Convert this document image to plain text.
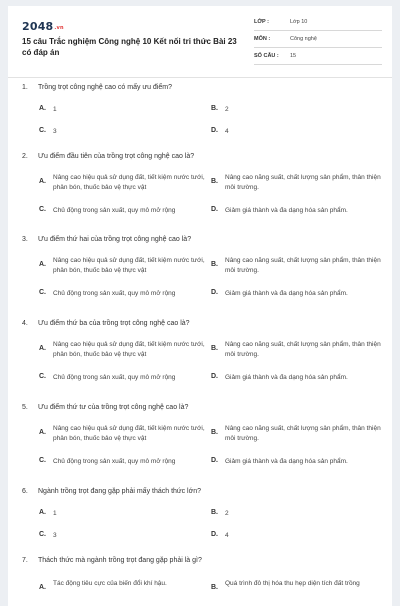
2048.vn
15 câu Trắc nghiệm Công nghệ 10 Kết nối tri thức Bài 23 có đáp án
LỚP :	Lớp 10
MÔN :	Công nghệ
SỐ CÂU : 15
1. Trồng trọt công nghệ cao có mấy ưu điểm?
A. 1	B. 2
C. 3	D. 4
2. Ưu điểm đầu tiên của trồng trọt công nghệ cao là?
A.
Nâng cao hiệu quả sử dụng đất, tiết kiệm nước tưới, phân bón, thuốc bảo vệ thực vật
B.
Nâng cao năng suất, chất lượng sản phẩm, thân thiện môi trường.
C. Chủ động trong sản xuất, quy mô mở rộng	D. Giảm giá thành và đa dạng hóa sản phẩm.
3. Ưu điểm thứ hai của trồng trọt công nghệ cao là?
A.
Nâng cao hiệu quả sử dụng đất, tiết kiệm nước tưới, phân bón, thuốc bảo vệ thực vật
B.
Nâng cao năng suất, chất lượng sản phẩm, thân thiện môi trường.
C. Chủ động trong sản xuất, quy mô mở rộng	D. Giảm giá thành và đa dạng hóa sản phẩm.
4. Ưu điểm thứ ba của trồng trọt công nghệ cao là?
A.
Nâng cao hiệu quả sử dụng đất, tiết kiệm nước tưới, phân bón, thuốc bảo vệ thực vật
B.
Nâng cao năng suất, chất lượng sản phẩm, thân thiện môi trường.
C. Chủ động trong sản xuất, quy mô mở rộng	D. Giảm giá thành và đa dạng hóa sản phẩm.
5. Ưu điểm thứ tư của trồng trọt công nghệ cao là?
A.
Nâng cao hiệu quả sử dụng đất, tiết kiệm nước tưới, phân bón, thuốc bảo vệ thực vật
B.
Nâng cao năng suất, chất lượng sản phẩm, thân thiện môi trường.
C. Chủ động trong sản xuất, quy mô mở rộng	D. Giảm giá thành và đa dạng hóa sản phẩm.
6. Ngành trồng trọt đang gặp phải mấy thách thức lớn?
A. 1	B. 2
C. 3	D. 4
7. Thách thức mà ngành trồng trọt đang gặp phải là gì?
A.
Tác động tiêu cực của biến đổi khí hậu.
B.
Quá trình đô thị hóa thu hẹp diện tích đất trồng
